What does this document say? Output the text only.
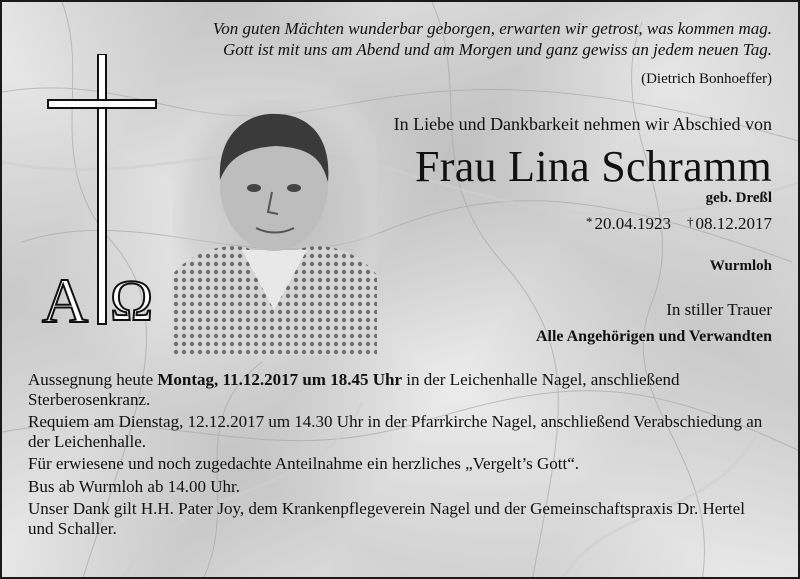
Von guten Mächten wunderbar geborgen, erwarten wir getrost, was kommen mag.
Gott ist mit uns am Abend und am Morgen und ganz gewiss an jedem neuen Tag.
(Dietrich Bonhoeffer)
A Ω
In Liebe und Dankbarkeit nehmen wir Abschied von
Frau Lina Schramm
geb. Dreßl
* 20.04.1923 † 08.12.2017
Wurmloh
In stiller Trauer
Alle Angehörigen und Verwandten

Aussegnung heute Montag, 11.12.2017 um 18.45 Uhr in der Leichenhalle Nagel, anschließend Sterberosenkranz.

Requiem am Dienstag, 12.12.2017 um 14.30 Uhr in der Pfarrkirche Nagel, anschließend Verabschiedung an der Leichenhalle.

Für erwiesene und noch zugedachte Anteilnahme ein herzliches „Vergelt’s Gott“.

Bus ab Wurmloh ab 14.00 Uhr.

Unser Dank gilt H.H. Pater Joy, dem Krankenpflegeverein Nagel und der Gemeinschaftspraxis Dr. Hertel und Schaller.
